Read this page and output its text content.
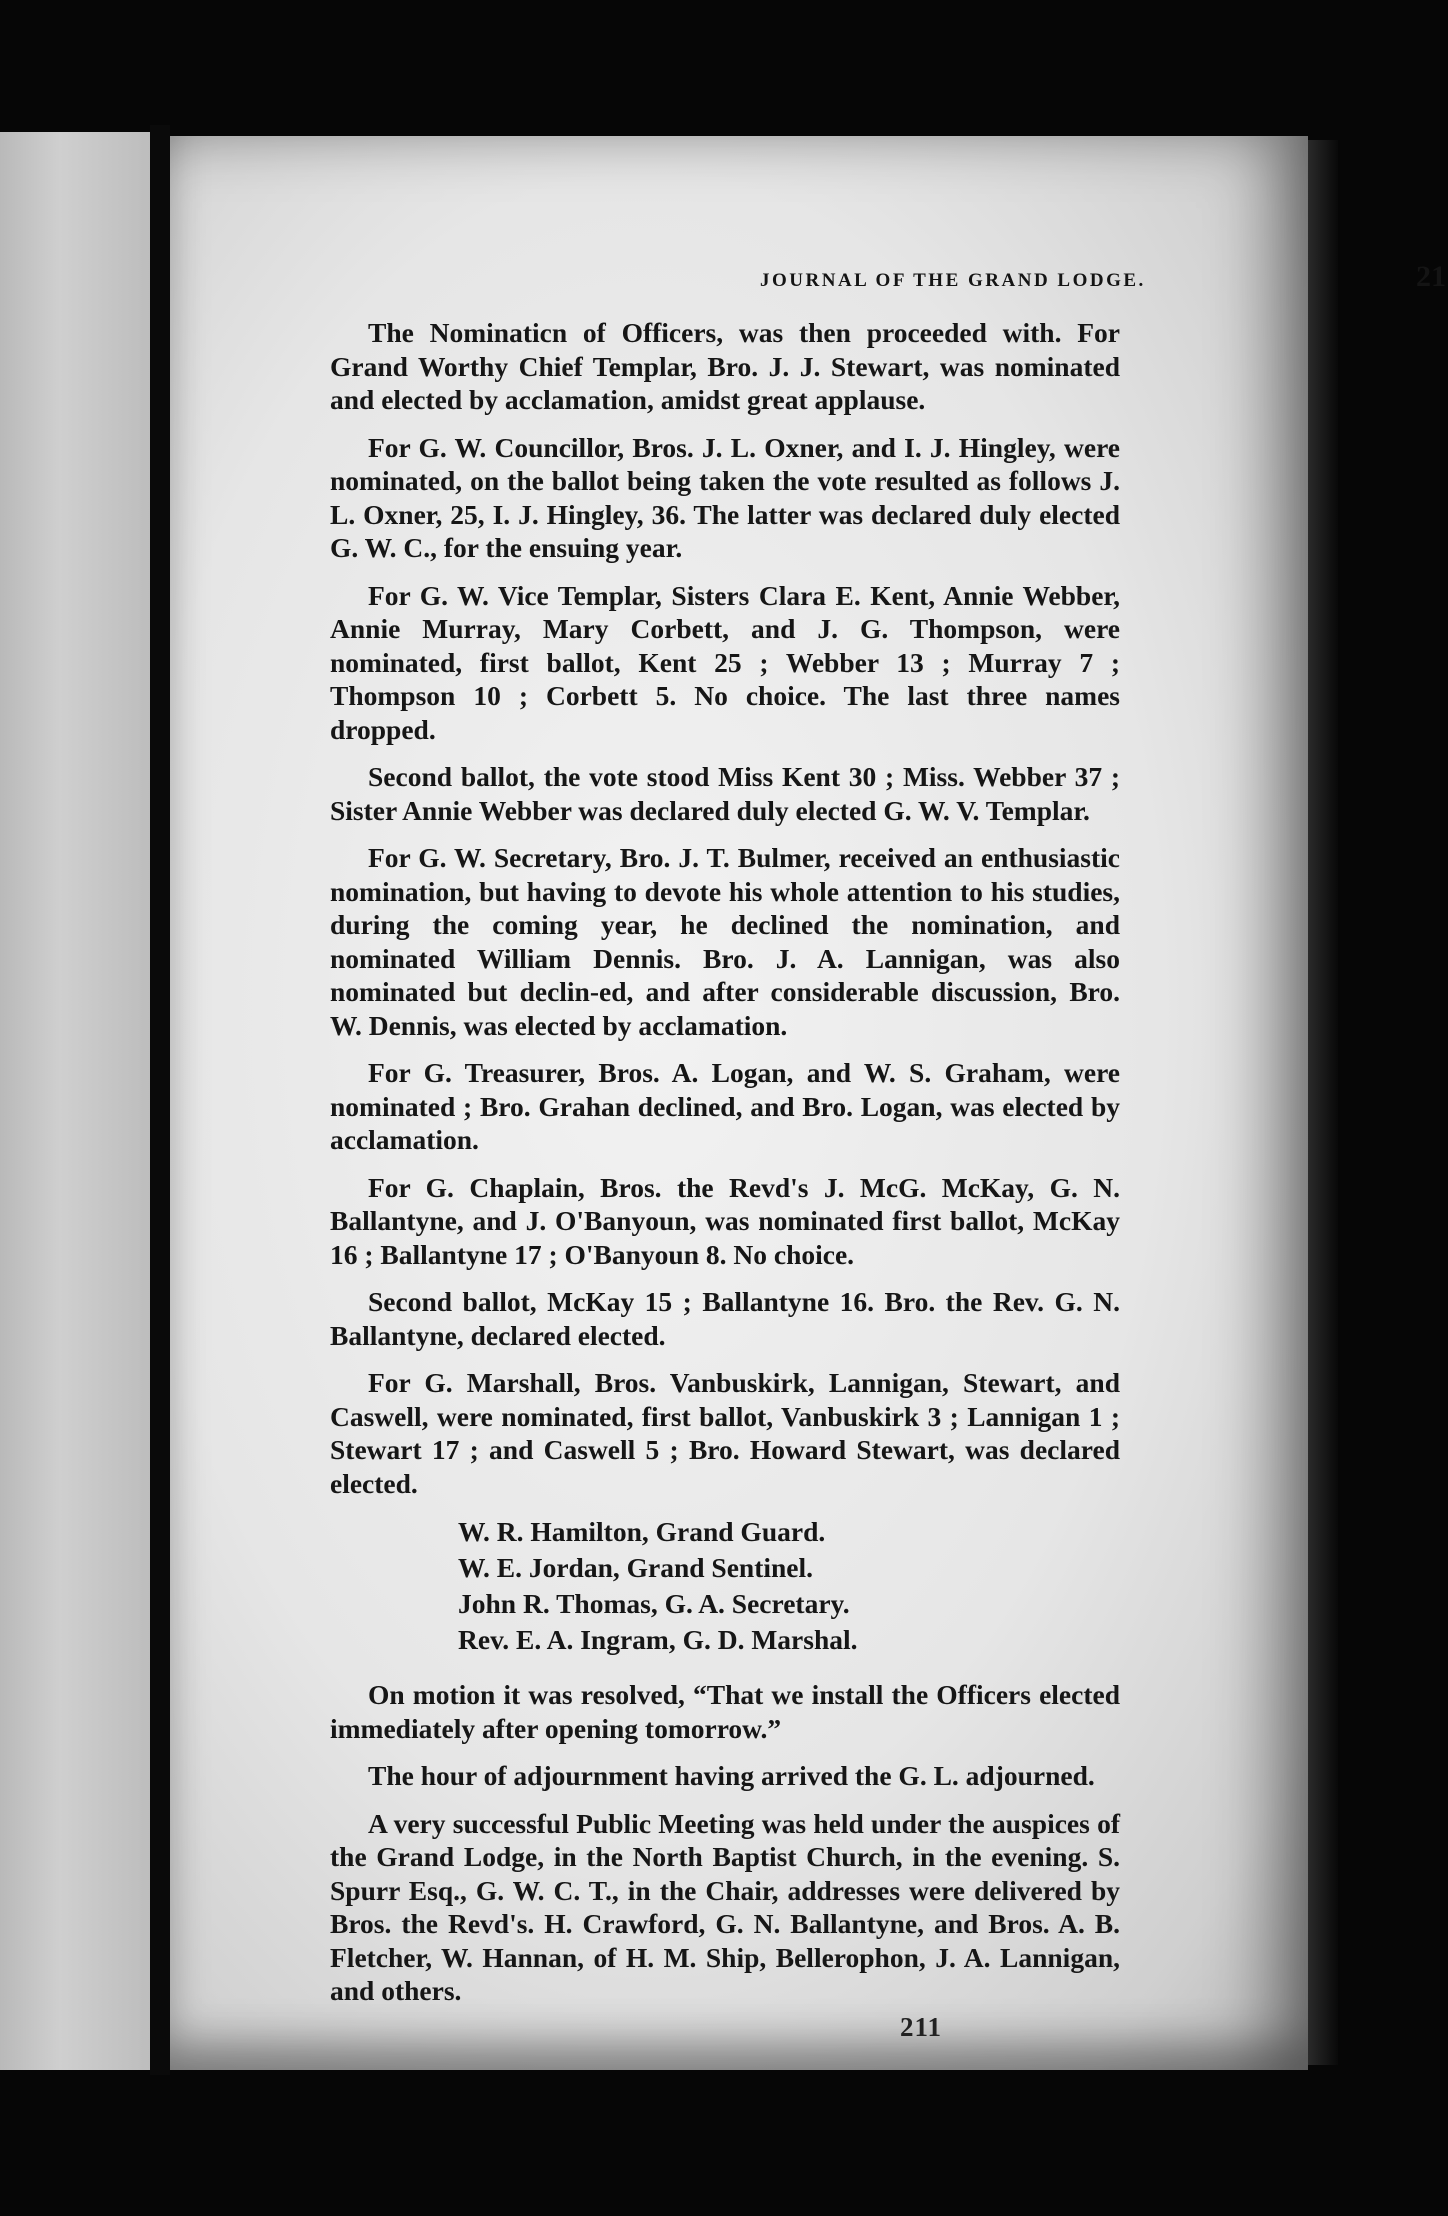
JOURNAL OF THE GRAND LODGE.	21

The Nominaticn of Officers, was then proceeded with. For Grand Worthy Chief Templar, Bro. J. J. Stewart, was nominated and elected by acclamation, amidst great applause.

For G. W. Councillor, Bros. J. L. Oxner, and I. J. Hingley, were nominated, on the ballot being taken the vote resulted as follows J. L. Oxner, 25, I. J. Hingley, 36. The latter was declared duly elected G. W. C., for the ensuing year.

For G. W. Vice Templar, Sisters Clara E. Kent, Annie Webber, Annie Murray, Mary Corbett, and J. G. Thompson, were nominated, first ballot, Kent 25 ; Webber 13 ; Murray 7 ; Thompson 10 ; Corbett 5. No choice. The last three names dropped.

Second ballot, the vote stood Miss Kent 30 ; Miss. Webber 37 ; Sister Annie Webber was declared duly elected G. W. V. Templar.

For G. W. Secretary, Bro. J. T. Bulmer, received an enthusiastic nomination, but having to devote his whole attention to his studies, during the coming year, he declined the nomination, and nominated William Dennis. Bro. J. A. Lannigan, was also nominated but declin-ed, and after considerable discussion, Bro. W. Dennis, was elected by acclamation.

For G. Treasurer, Bros. A. Logan, and W. S. Graham, were nominated ; Bro. Grahan declined, and Bro. Logan, was elected by acclamation.

For G. Chaplain, Bros. the Revd's J. McG. McKay, G. N. Ballantyne, and J. O'Banyoun, was nominated first ballot, McKay 16 ; Ballantyne 17 ; O'Banyoun 8. No choice.

Second ballot, McKay 15 ; Ballantyne 16. Bro. the Rev. G. N. Ballantyne, declared elected.

For G. Marshall, Bros. Vanbuskirk, Lannigan, Stewart, and Caswell, were nominated, first ballot, Vanbuskirk 3 ; Lannigan 1 ; Stewart 17 ; and Caswell 5 ; Bro. Howard Stewart, was declared elected.

W. R. Hamilton, Grand Guard.
W. E. Jordan, Grand Sentinel.
John R. Thomas, G. A. Secretary.
Rev. E. A. Ingram, G. D. Marshal.

On motion it was resolved, “That we install the Officers elected immediately after opening tomorrow.”

The hour of adjournment having arrived the G. L. adjourned.

A very successful Public Meeting was held under the auspices of the Grand Lodge, in the North Baptist Church, in the evening. S. Spurr Esq., G. W. C. T., in the Chair, addresses were delivered by Bros. the Revd's. H. Crawford, G. N. Ballantyne, and Bros. A. B. Fletcher, W. Hannan, of H. M. Ship, Bellerophon, J. A. Lannigan, and others.

211
